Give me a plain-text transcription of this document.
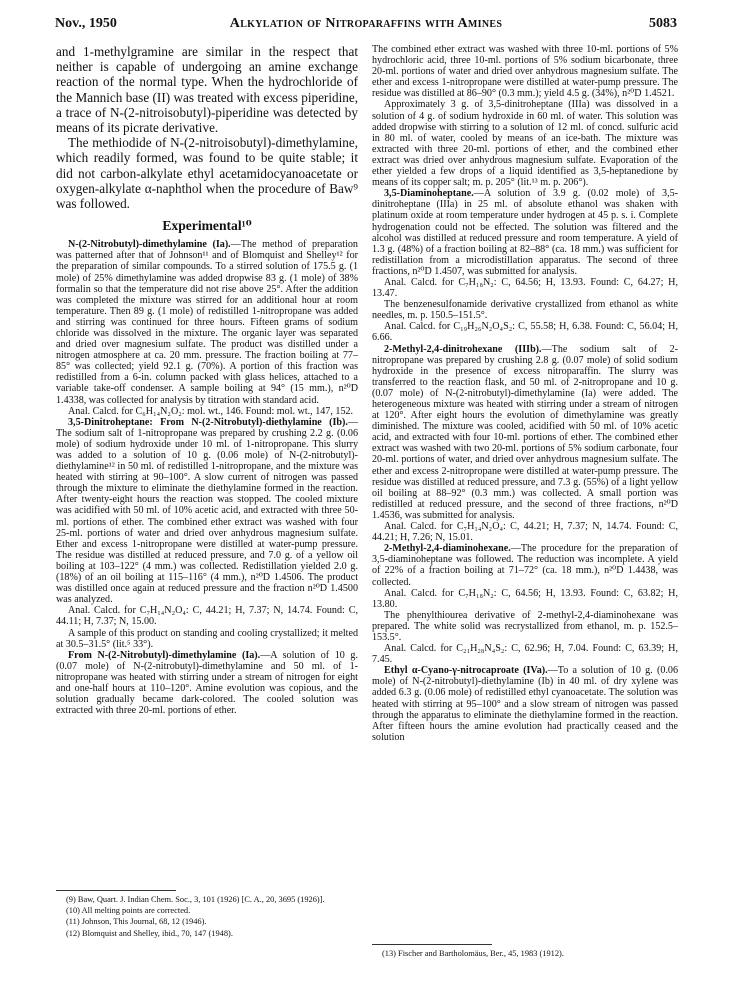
Nov., 1950	Alkylation of Nitroparaffins with Amines	5083

and 1-methylgramine are similar in the respect that neither is capable of undergoing an amine exchange reaction of the normal type. When the hydrochloride of the Mannich base (II) was treated with excess piperidine, a trace of N-(2-nitroisobutyl)-piperidine was detected by means of its picrate derivative.

The methiodide of N-(2-nitroisobutyl)-dimethylamine, which readily formed, was found to be quite stable; it did not carbon-alkylate ethyl acetamidocyanoacetate or oxygen-alkylate α-naphthol when the procedure of Baw⁹ was followed.

Experimental¹⁰

N-(2-Nitrobutyl)-dimethylamine (Ia).—The method of preparation was patterned after that of Johnson¹¹ and of Blomquist and Shelley¹² for the preparation of similar compounds. To a stirred solution of 175.5 g. (1 mole) of 25% dimethylamine was added dropwise 83 g. (1 mole) of 38% formalin so that the temperature did not rise above 25°. After the addition was completed the mixture was stirred for an additional hour at room temperature. Then 89 g. (1 mole) of redistilled 1-nitropropane was added and stirring was continued for three hours. Fifteen grams of sodium chloride was dissolved in the mixture. The organic layer was separated and dried over magnesium sulfate. The product was distilled under a nitrogen atmosphere at ca. 20 mm. pressure. The fraction boiling at 77–85° was collected; yield 92.1 g. (70%). A portion of this fraction was redistilled from a 6-in. column packed with glass helices, attached to a variable take-off condenser. A sample boiling at 94° (15 mm.), n²⁰D 1.4338, was collected for analysis by titration with standard acid.

Anal. Calcd. for C₆H₁₄N₂O₂: mol. wt., 146. Found: mol. wt., 147, 152.

3,5-Dinitroheptane: From N-(2-Nitrobutyl)-diethylamine (Ib).—The sodium salt of 1-nitropropane was prepared by crushing 2.2 g. (0.06 mole) of sodium hydroxide under 10 ml. of 1-nitropropane. This slurry was added to a solution of 10 g. (0.06 mole) of N-(2-nitrobutyl)-diethylamine¹² in 50 ml. of redistilled 1-nitropropane, and the mixture was heated with stirring at 90–100°. A slow current of nitrogen was passed through the mixture to eliminate the diethylamine formed in the reaction. After twenty-eight hours the reaction was stopped. The cooled mixture was acidified with 50 ml. of 10% acetic acid, and extracted with three 50-ml. portions of ether. The combined ether extract was washed with four 25-ml. portions of water and dried over anhydrous magnesium sulfate. Ether and excess 1-nitropropane were distilled at water-pump pressure. The residue was distilled at reduced pressure, and 7.0 g. of a yellow oil boiling at 103–122° (4 mm.) was collected. Redistillation yielded 2.0 g. (18%) of an oil boiling at 115–116° (4 mm.), n²⁰D 1.4506. The product was distilled once again at reduced pressure and the fraction n²⁰D 1.4500 was analyzed.

Anal. Calcd. for C₇H₁₄N₂O₄: C, 44.21; H, 7.37; N, 14.74. Found: C, 44.11; H, 7.37; N, 15.00.

A sample of this product on standing and cooling crystallized; it melted at 30.5–31.5° (lit.⁵ 33°).

From N-(2-Nitrobutyl)-dimethylamine (Ia).—A solution of 10 g. (0.07 mole) of N-(2-nitrobutyl)-dimethylamine and 50 ml. of 1-nitropropane was heated with stirring under a stream of nitrogen for eight and one-half hours at 110–120°. Amine evolution was copious, and the solution gradually became dark-colored. The cooled solution was extracted with three 20-ml. portions of ether.

(9) Baw, Quart. J. Indian Chem. Soc., 3, 101 (1926) [C. A., 20, 3695 (1926)].
(10) All melting points are corrected.
(11) Johnson, This Journal, 68, 12 (1946).
(12) Blomquist and Shelley, ibid., 70, 147 (1948).

The combined ether extract was washed with three 10-ml. portions of 5% hydrochloric acid, three 10-ml. portions of 5% sodium bicarbonate, three 20-ml. portions of water and dried over anhydrous magnesium sulfate. The ether and excess 1-nitropropane were distilled at water-pump pressure. The residue was distilled at 86–90° (0.3 mm.); yield 4.5 g. (34%), n²⁰D 1.4521.

Approximately 3 g. of 3,5-dinitroheptane (IIIa) was dissolved in a solution of 4 g. of sodium hydroxide in 60 ml. of water. This solution was added dropwise with stirring to a solution of 12 ml. of concd. sulfuric acid in 80 ml. of water, cooled by means of an ice-bath. The mixture was extracted with three 20-ml. portions of ether, and the combined ether extract was dried over anhydrous magnesium sulfate. Evaporation of the ether yielded a few drops of a liquid identified as 3,5-heptanedione by means of its copper salt; m. p. 205° (lit.¹³ m. p. 206°).

3,5-Diaminoheptane.—A solution of 3.9 g. (0.02 mole) of 3,5-dinitroheptane (IIIa) in 25 ml. of absolute ethanol was shaken with platinum oxide at room temperature under hydrogen at 45 p. s. i. Complete hydrogenation could not be effected. The solution was filtered and the alcohol was distilled at reduced pressure and room temperature. A yield of 1.3 g. (48%) of a fraction boiling at 82–88° (ca. 18 mm.) was sufficient for redistillation from a microdistillation apparatus. The second of three fractions, n²⁰D 1.4507, was submitted for analysis.

Anal. Calcd. for C₇H₁₈N₂: C, 64.56; H, 13.93. Found: C, 64.27; H, 13.47.

The benzenesulfonamide derivative crystallized from ethanol as white needles, m. p. 150.5–151.5°.

Anal. Calcd. for C₁₉H₂₆N₂O₄S₂: C, 55.58; H, 6.38. Found: C, 56.04; H, 6.66.

2-Methyl-2,4-dinitrohexane (IIIb).—The sodium salt of 2-nitropropane was prepared by crushing 2.8 g. (0.07 mole) of solid sodium hydroxide in the presence of excess nitroparaffin. The slurry was transferred to the reaction flask, and 50 ml. of 2-nitropropane and 10 g. (0.07 mole) of N-(2-nitrobutyl)-dimethylamine (Ia) were added. The heterogeneous mixture was heated with stirring under a stream of nitrogen at 120°. After eight hours the evolution of dimethylamine was greatly diminished. The mixture was cooled, acidified with 50 ml. of 10% acetic acid, and extracted with four 10-ml. portions of ether. The combined ether extract was washed with two 20-ml. portions of 5% sodium carbonate, four 20-ml. portions of water, and dried over anhydrous magnesium sulfate. The ether and excess 2-nitropropane were distilled at water-pump pressure. The residue was distilled at reduced pressure, and 7.3 g. (55%) of a light yellow oil boiling at 88–92° (0.3 mm.) was collected. A small portion was redistilled at reduced pressure, and the second of three fractions, n²⁰D 1.4536, was submitted for analysis.

Anal. Calcd. for C₇H₁₄N₂O₄: C, 44.21; H, 7.37; N, 14.74. Found: C, 44.21; H, 7.26; N, 15.01.

2-Methyl-2,4-diaminohexane.—The procedure for the preparation of 3,5-diaminoheptane was followed. The reduction was incomplete. A yield of 22% of a fraction boiling at 71–72° (ca. 18 mm.), n²⁰D 1.4438, was collected.

Anal. Calcd. for C₇H₁₈N₂: C, 64.56; H, 13.93. Found: C, 63.82; H, 13.80.

The phenylthiourea derivative of 2-methyl-2,4-diaminohexane was prepared. The white solid was recrystallized from ethanol, m. p. 152.5–153.5°.

Anal. Calcd. for C₂₁H₂₈N₄S₂: C, 62.96; H, 7.04. Found: C, 63.39; H, 7.45.

Ethyl α-Cyano-γ-nitrocaproate (IVa).—To a solution of 10 g. (0.06 mole) of N-(2-nitrobutyl)-diethylamine (Ib) in 40 ml. of dry xylene was added 6.3 g. (0.06 mole) of redistilled ethyl cyanoacetate. The solution was heated with stirring at 95–100° and a slow stream of nitrogen was passed through the apparatus to eliminate the diethylamine formed in the reaction. After fifteen hours the amine evolution had practically ceased and the solution

(13) Fischer and Bartholomäus, Ber., 45, 1983 (1912).
